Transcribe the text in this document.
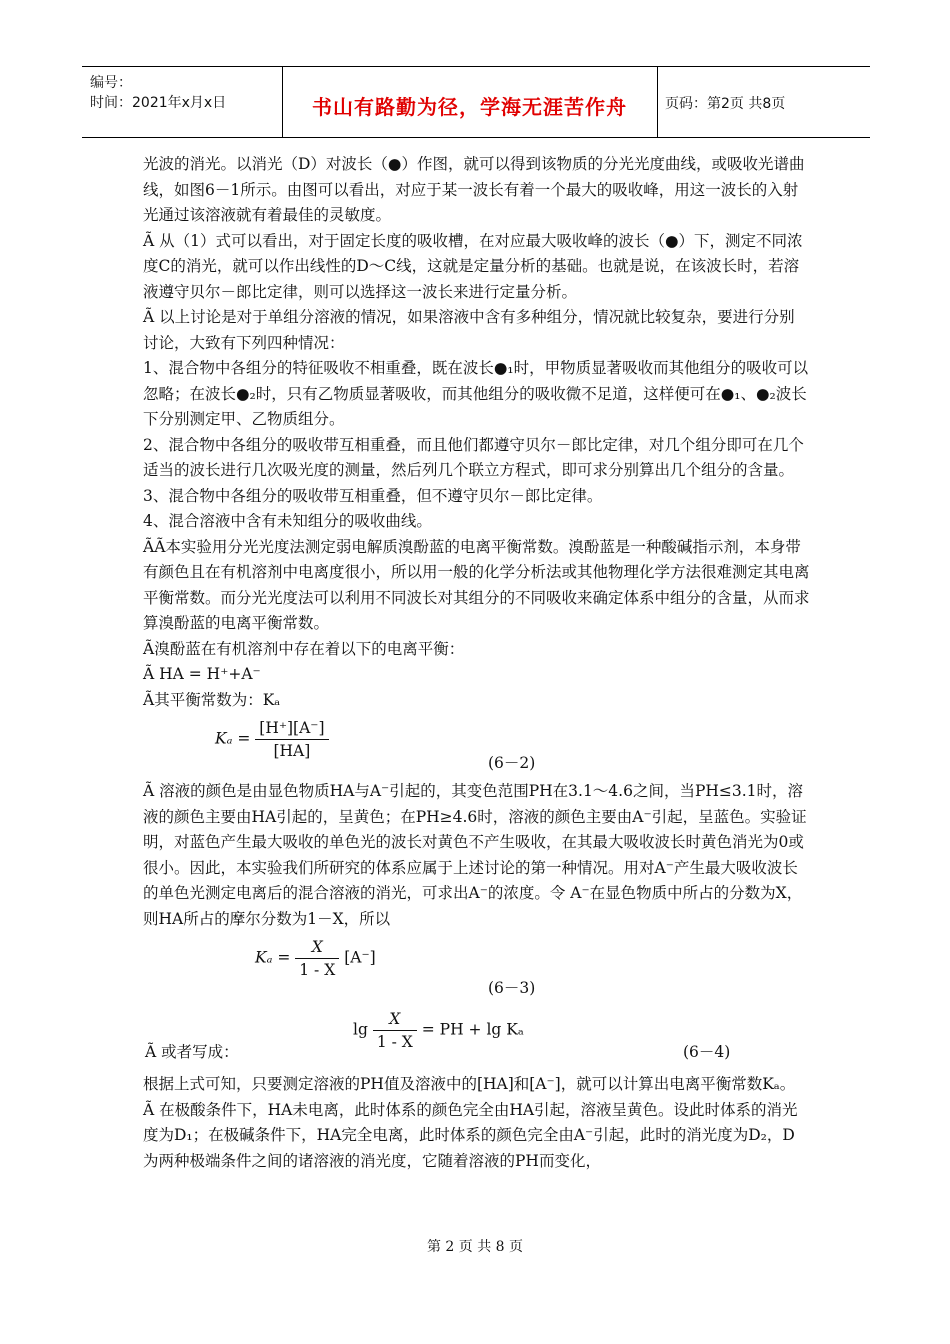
编号：
时间：2021年x月x日	书山有路勤为径，学海无涯苦作舟	页码：第2页 共8页

光波的消光。以消光（D）对波长（●）作图，就可以得到该物质的分光光度曲线，或吸收光谱曲线，如图6－1所示。由图可以看出，对应于某一波长有着一个最大的吸收峰，用这一波长的入射光通过该溶液就有着最佳的灵敏度。

Ã 从（1）式可以看出，对于固定长度的吸收槽，在对应最大吸收峰的波长（●）下，测定不同浓度C的消光，就可以作出线性的D～C线，这就是定量分析的基础。也就是说，在该波长时，若溶液遵守贝尔－郎比定律，则可以选择这一波长来进行定量分析。

Ã 以上讨论是对于单组分溶液的情况，如果溶液中含有多种组分，情况就比较复杂，要进行分别讨论，大致有下列四种情况：

1、混合物中各组分的特征吸收不相重叠，既在波长●₁时，甲物质显著吸收而其他组分的吸收可以忽略；在波长●₂时，只有乙物质显著吸收，而其他组分的吸收微不足道，这样便可在●₁、●₂波长下分别测定甲、乙物质组分。

2、混合物中各组分的吸收带互相重叠，而且他们都遵守贝尔－郎比定律，对几个组分即可在几个适当的波长进行几次吸光度的测量，然后列几个联立方程式，即可求分别算出几个组分的含量。

3、混合物中各组分的吸收带互相重叠，但不遵守贝尔－郎比定律。

4、混合溶液中含有未知组分的吸收曲线。

ÃÃ本实验用分光光度法测定弱电解质溴酚蓝的电离平衡常数。溴酚蓝是一种酸碱指示剂，本身带有颜色且在有机溶剂中电离度很小，所以用一般的化学分析法或其他物理化学方法很难测定其电离平衡常数。而分光光度法可以利用不同波长对其组分的不同吸收来确定体系中组分的含量，从而求算溴酚蓝的电离平衡常数。

Ã溴酚蓝在有机溶剂中存在着以下的电离平衡：

Ã HA = H⁺+A⁻

Ã其平衡常数为：Kₐ

$K_a = \frac{[H^+][A^-]}{[HA]}$
(6－2)

Ã 溶液的颜色是由显色物质HA与A⁻引起的，其变色范围PH在3.1～4.6之间，当PH≤3.1时，溶液的颜色主要由HA引起的，呈黄色；在PH≥4.6时，溶液的颜色主要由A⁻引起，呈蓝色。实验证明，对蓝色产生最大吸收的单色光的波长对黄色不产生吸收，在其最大吸收波长时黄色消光为0或很小。因此，本实验我们所研究的体系应属于上述讨论的第一种情况。用对A⁻产生最大吸收波长的单色光测定电离后的混合溶液的消光，可求出A⁻的浓度。令 A⁻在显色物质中所占的分数为X，则HA所占的摩尔分数为1－X，所以

$K_a = \frac{X}{1 - X} [A^-]$
(6－3)
$\lg \frac{X}{1 - X}$ = PH + lg Kₐ
Ã 或者写成：	(6－4)

根据上式可知，只要测定溶液的PH值及溶液中的[HA]和[A⁻]，就可以计算出电离平衡常数Kₐ。

Ã 在极酸条件下，HA未电离，此时体系的颜色完全由HA引起，溶液呈黄色。设此时体系的消光度为D₁；在极碱条件下，HA完全电离，此时体系的颜色完全由A⁻引起，此时的消光度为D₂，D为两种极端条件之间的诸溶液的消光度，它随着溶液的PH而变化，

第 2 页 共 8 页
